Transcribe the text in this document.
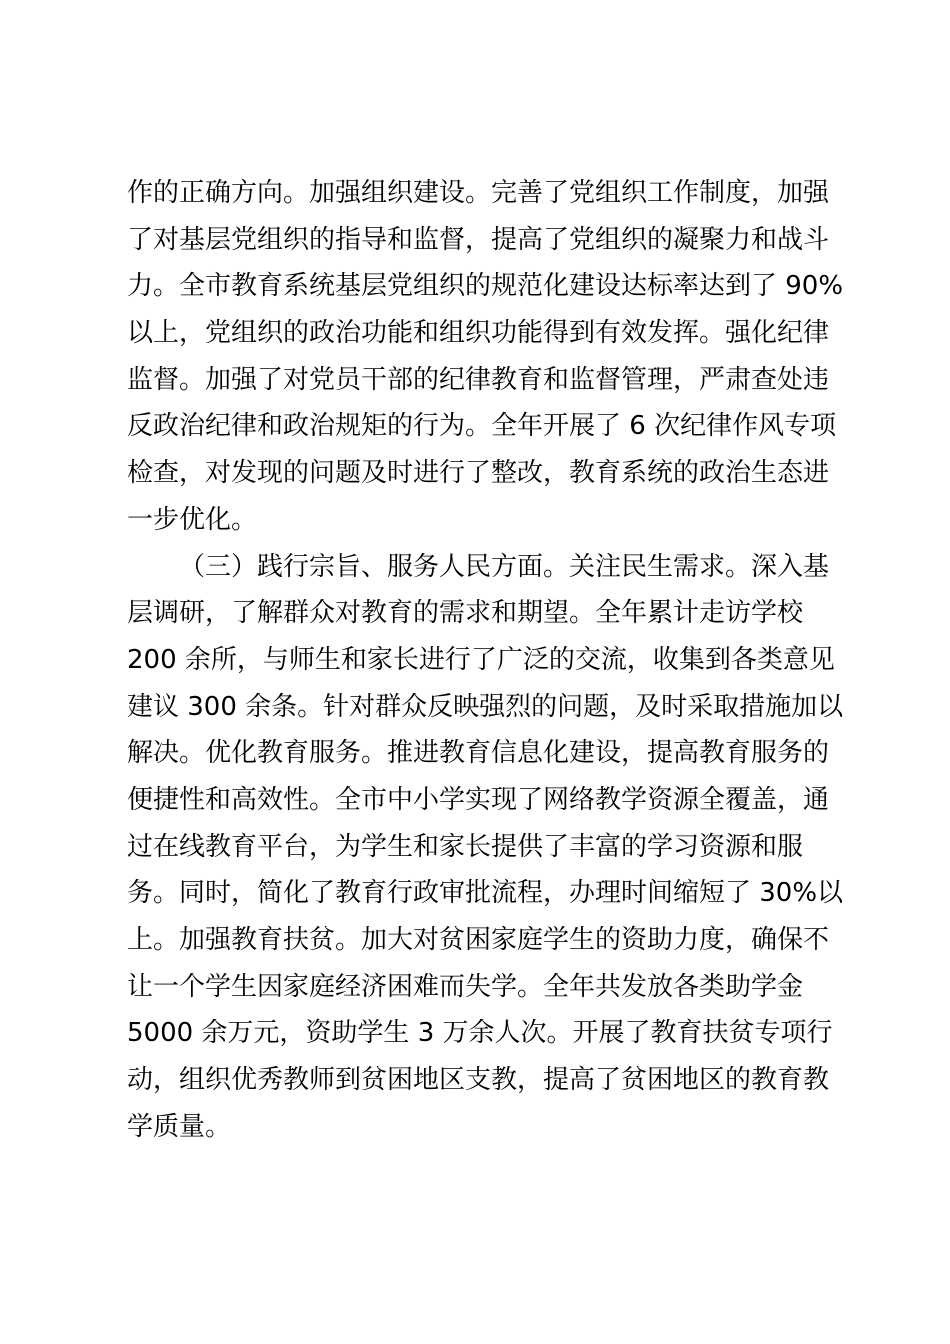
作的正确方向。加强组织建设。完善了党组织工作制度，加强
了对基层党组织的指导和监督，提高了党组织的凝聚力和战斗
力。全市教育系统基层党组织的规范化建设达标率达到了 90%
以上，党组织的政治功能和组织功能得到有效发挥。强化纪律
监督。加强了对党员干部的纪律教育和监督管理，严肃查处违
反政治纪律和政治规矩的行为。全年开展了 6 次纪律作风专项
检查，对发现的问题及时进行了整改，教育系统的政治生态进
一步优化。
（三）践行宗旨、服务人民方面。关注民生需求。深入基
层调研，了解群众对教育的需求和期望。全年累计走访学校
200 余所，与师生和家长进行了广泛的交流，收集到各类意见
建议 300 余条。针对群众反映强烈的问题，及时采取措施加以
解决。优化教育服务。推进教育信息化建设，提高教育服务的
便捷性和高效性。全市中小学实现了网络教学资源全覆盖，通
过在线教育平台，为学生和家长提供了丰富的学习资源和服
务。同时，简化了教育行政审批流程，办理时间缩短了 30%以
上。加强教育扶贫。加大对贫困家庭学生的资助力度，确保不
让一个学生因家庭经济困难而失学。全年共发放各类助学金
5000 余万元，资助学生 3 万余人次。开展了教育扶贫专项行
动，组织优秀教师到贫困地区支教，提高了贫困地区的教育教
学质量。
